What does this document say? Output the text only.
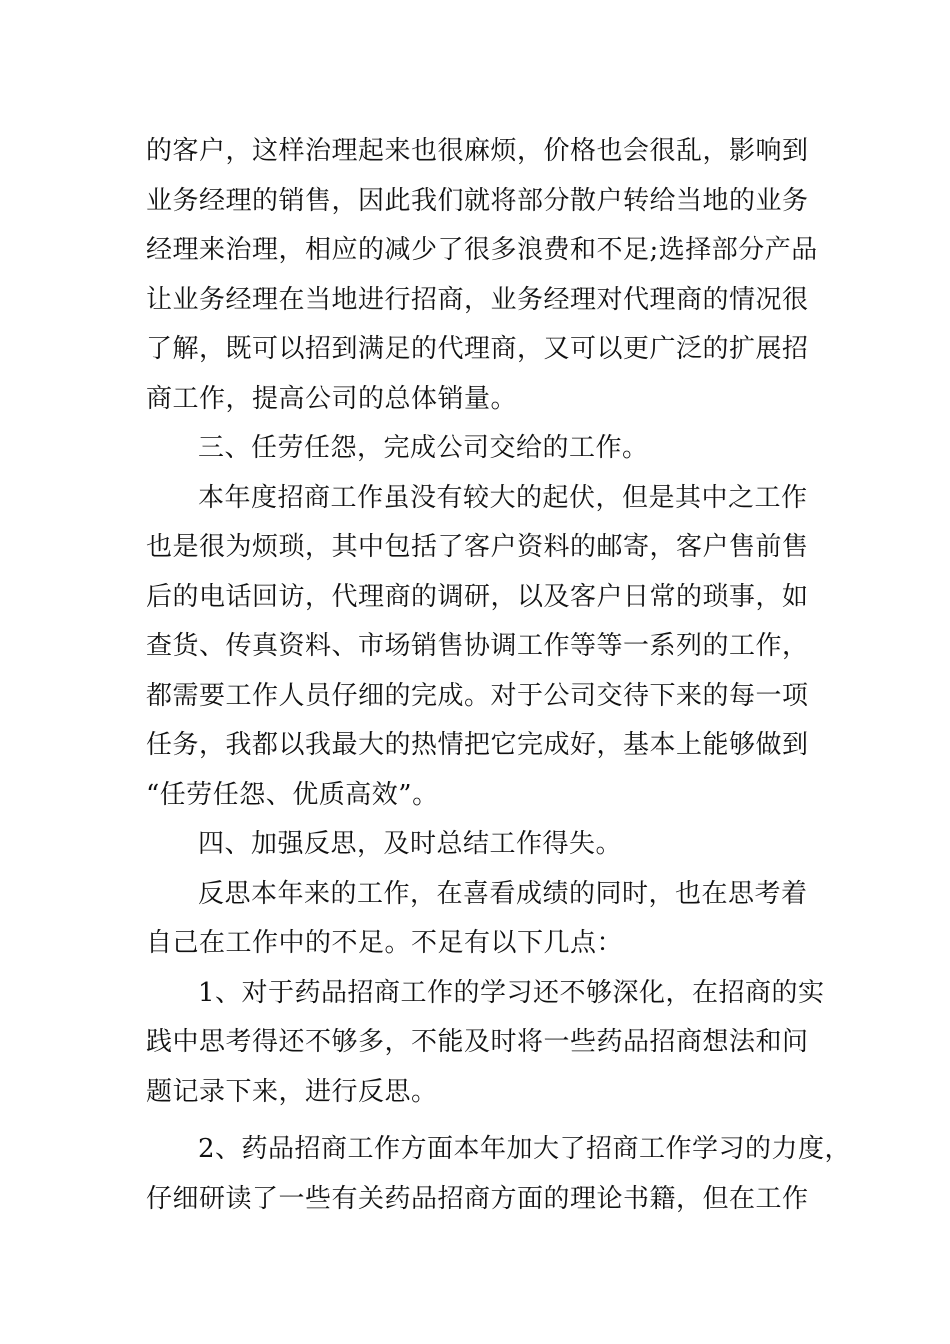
的客户，这样治理起来也很麻烦，价格也会很乱，影响到
业务经理的销售，因此我们就将部分散户转给当地的业务
经理来治理，相应的减少了很多浪费和不足;选择部分产品
让业务经理在当地进行招商，业务经理对代理商的情况很
了解，既可以招到满足的代理商，又可以更广泛的扩展招
商工作，提高公司的总体销量。
三、任劳任怨，完成公司交给的工作。
本年度招商工作虽没有较大的起伏，但是其中之工作
也是很为烦琐，其中包括了客户资料的邮寄，客户售前售
后的电话回访，代理商的调研，以及客户日常的琐事，如
查货、传真资料、市场销售协调工作等等一系列的工作，
都需要工作人员仔细的完成。对于公司交待下来的每一项
任务，我都以我最大的热情把它完成好，基本上能够做到
“任劳任怨、优质高效”。
四、加强反思，及时总结工作得失。
反思本年来的工作，在喜看成绩的同时，也在思考着
自己在工作中的不足。不足有以下几点：
1、对于药品招商工作的学习还不够深化，在招商的实
践中思考得还不够多，不能及时将一些药品招商想法和问
题记录下来，进行反思。
2、药品招商工作方面本年加大了招商工作学习的力度，
仔细研读了一些有关药品招商方面的理论书籍，但在工作
